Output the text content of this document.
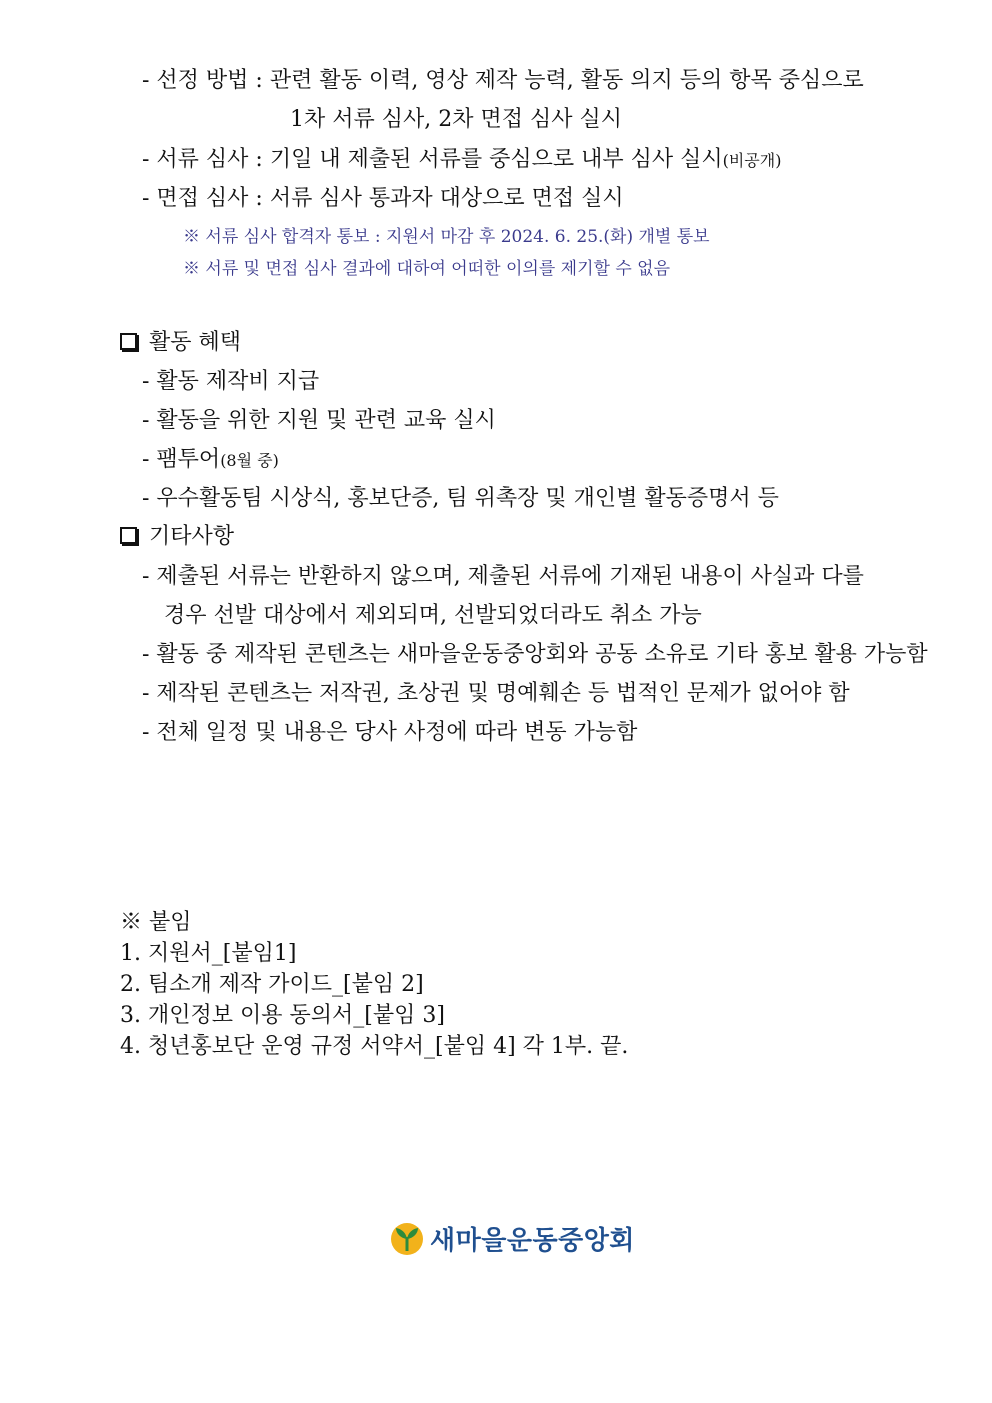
- 선정 방법 : 관련 활동 이력, 영상 제작 능력, 활동 의지 등의 항목 중심으로
1차 서류 심사, 2차 면접 심사 실시
- 서류 심사 : 기일 내 제출된 서류를 중심으로 내부 심사 실시(비공개)
- 면접 심사 : 서류 심사 통과자 대상으로 면접 실시
※ 서류 심사 합격자 통보 : 지원서 마감 후 2024. 6. 25.(화) 개별 통보
※ 서류 및 면접 심사 결과에 대하여 어떠한 이의를 제기할 수 없음
활동 혜택
- 활동 제작비 지급
- 활동을 위한 지원 및 관련 교육 실시
- 팸투어(8월 중)
- 우수활동팀 시상식, 홍보단증, 팀 위촉장 및 개인별 활동증명서 등
기타사항
- 제출된 서류는 반환하지 않으며, 제출된 서류에 기재된 내용이 사실과 다를
경우 선발 대상에서 제외되며, 선발되었더라도 취소 가능
- 활동 중 제작된 콘텐츠는 새마을운동중앙회와 공동 소유로 기타 홍보 활용 가능함
- 제작된 콘텐츠는 저작권, 초상권 및 명예훼손 등 법적인 문제가 없어야 함
- 전체 일정 및 내용은 당사 사정에 따라 변동 가능함
※ 붙임
1. 지원서_[붙임1]
2. 팀소개 제작 가이드_[붙임 2]
3. 개인정보 이용 동의서_[붙임 3]
4. 청년홍보단 운영 규정 서약서_[붙임 4] 각 1부. 끝.
새마을운동중앙회
